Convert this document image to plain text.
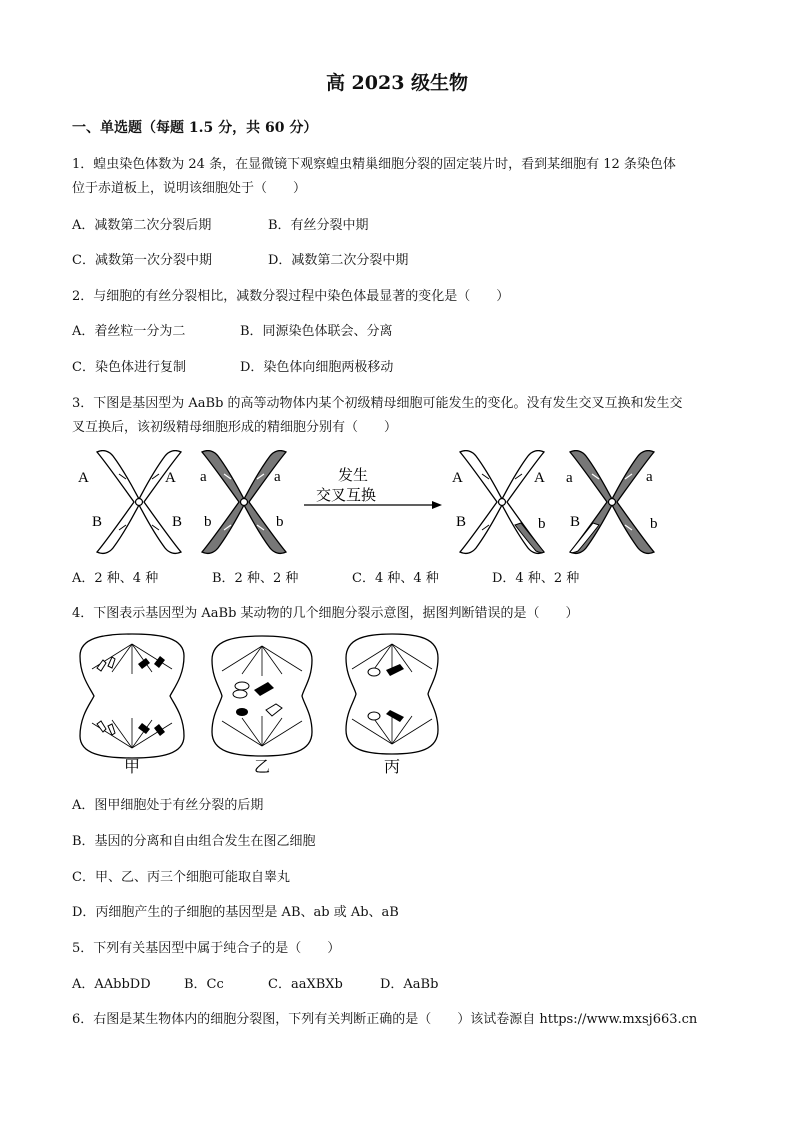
高 2023 级生物
一、单选题（每题 1.5 分，共 60 分）
1．蝗虫染色体数为 24 条，在显微镜下观察蝗虫精巢细胞分裂的固定装片时，看到某细胞有 12 条染色体
位于赤道板上，说明该细胞处于（　　）
A．减数第二次分裂后期	B．有丝分裂中期
C．减数第一次分裂中期	D．减数第二次分裂中期
2．与细胞的有丝分裂相比，减数分裂过程中染色体最显著的变化是（　　）
A．着丝粒一分为二	B．同源染色体联会、分离
C．染色体进行复制	D．染色体向细胞两极移动
3．下图是基因型为 AaBb 的高等动物体内某个初级精母细胞可能发生的变化。没有发生交叉互换和发生交
叉互换后，该初级精母细胞形成的精细胞分别有（　　）
A	A
B	B
a	a
b	b
A	A
B	b
a	a
B	b
发生
交叉互换
A．2 种、4 种	B．2 种、2 种	C．4 种、4 种	D．4 种、2 种
4．下图表示基因型为 AaBb 某动物的几个细胞分裂示意图，据图判断错误的是（　　）
甲	乙	丙
A．图甲细胞处于有丝分裂的后期
B．基因的分离和自由组合发生在图乙细胞
C．甲、乙、丙三个细胞可能取自睾丸
D．丙细胞产生的子细胞的基因型是 AB、ab 或 Ab、aB
5．下列有关基因型中属于纯合子的是（　　）
A．AAbbDD	B．Cc	C．aaXBXb	D．AaBb
6．右图是某生物体内的细胞分裂图，下列有关判断正确的是（　　）该试卷源自 https://www.mxsj663.cn
